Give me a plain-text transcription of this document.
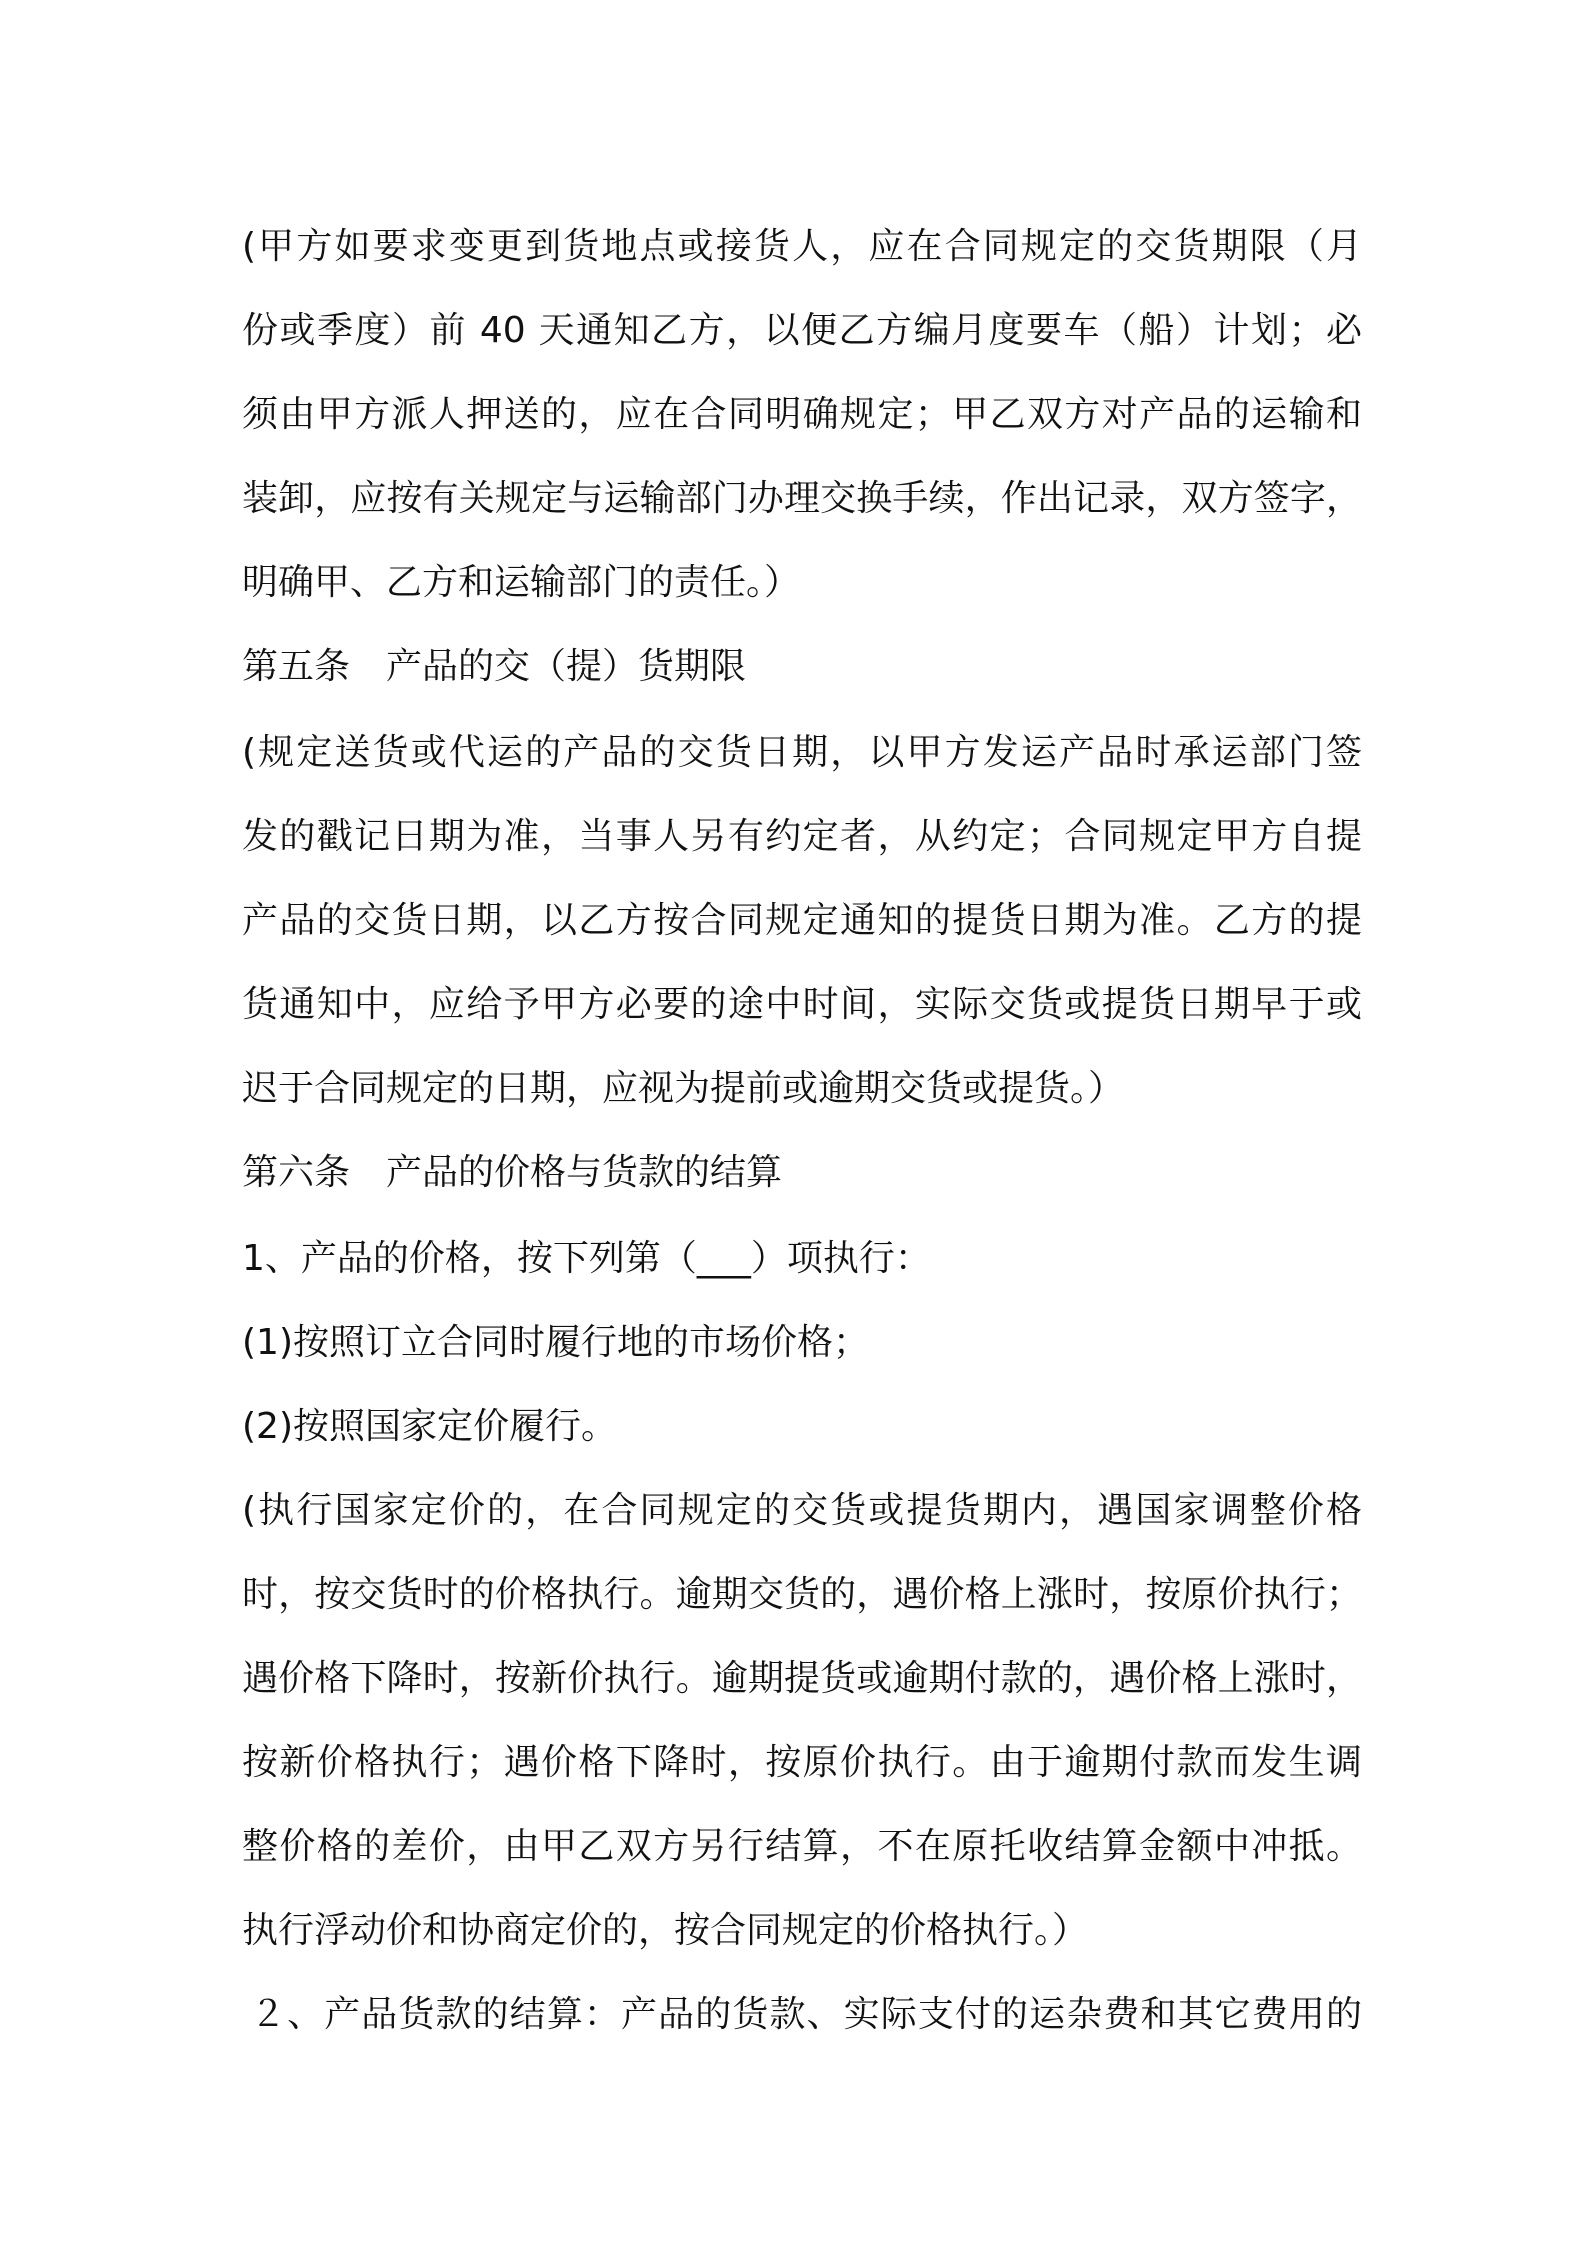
(甲方如要求变更到货地点或接货人，应在合同规定的交货期限（月
份或季度）前 40 天通知乙方，以便乙方编月度要车（船）计划；必
须由甲方派人押送的，应在合同明确规定；甲乙双方对产品的运输和
装卸，应按有关规定与运输部门办理交换手续，作出记录，双方签字，
明确甲、乙方和运输部门的责任。）
第五条　产品的交（提）货期限
(规定送货或代运的产品的交货日期，以甲方发运产品时承运部门签
发的戳记日期为准，当事人另有约定者，从约定；合同规定甲方自提
产品的交货日期，以乙方按合同规定通知的提货日期为准。乙方的提
货通知中，应给予甲方必要的途中时间，实际交货或提货日期早于或
迟于合同规定的日期，应视为提前或逾期交货或提货。）
第六条　产品的价格与货款的结算
1、产品的价格，按下列第（___）项执行：
(1)按照订立合同时履行地的市场价格；
(2)按照国家定价履行。
(执行国家定价的，在合同规定的交货或提货期内，遇国家调整价格
时，按交货时的价格执行。逾期交货的，遇价格上涨时，按原价执行；
遇价格下降时，按新价执行。逾期提货或逾期付款的，遇价格上涨时，
按新价格执行；遇价格下降时，按原价执行。由于逾期付款而发生调
整价格的差价，由甲乙双方另行结算，不在原托收结算金额中冲抵。
执行浮动价和协商定价的，按合同规定的价格执行。）
２、产品货款的结算：产品的货款、实际支付的运杂费和其它费用的
